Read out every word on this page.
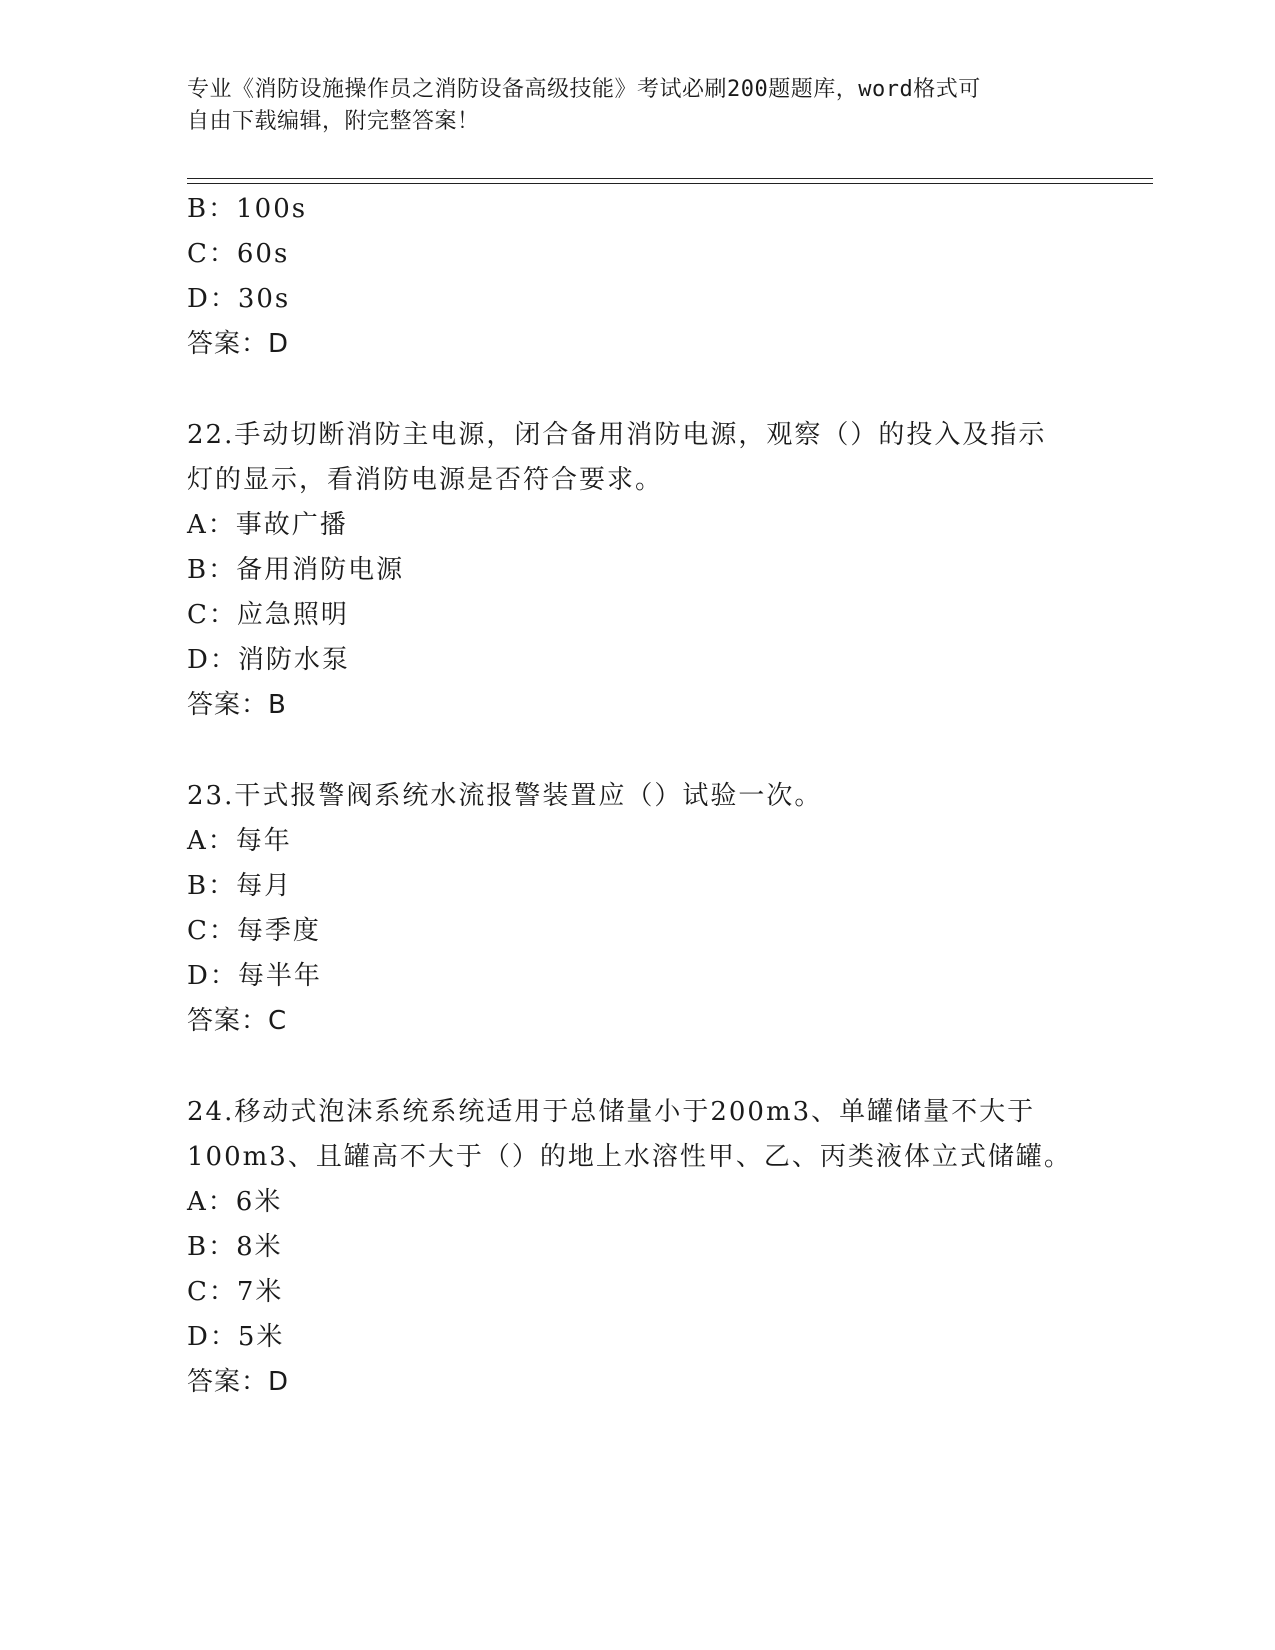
专业《消防设施操作员之消防设备高级技能》考试必刷200题题库，word格式可
自由下载编辑，附完整答案！
B：100s
C：60s
D：30s
答案：D
22.手动切断消防主电源，闭合备用消防电源，观察（）的投入及指示
灯的显示，看消防电源是否符合要求。
A：事故广播
B：备用消防电源
C：应急照明
D：消防水泵
答案：B
23.干式报警阀系统水流报警装置应（）试验一次。
A：每年
B：每月
C：每季度
D：每半年
答案：C
24.移动式泡沫系统系统适用于总储量小于200m3、单罐储量不大于
100m3、且罐高不大于（）的地上水溶性甲、乙、丙类液体立式储罐。
A：6米
B：8米
C：7米
D：5米
答案：D
